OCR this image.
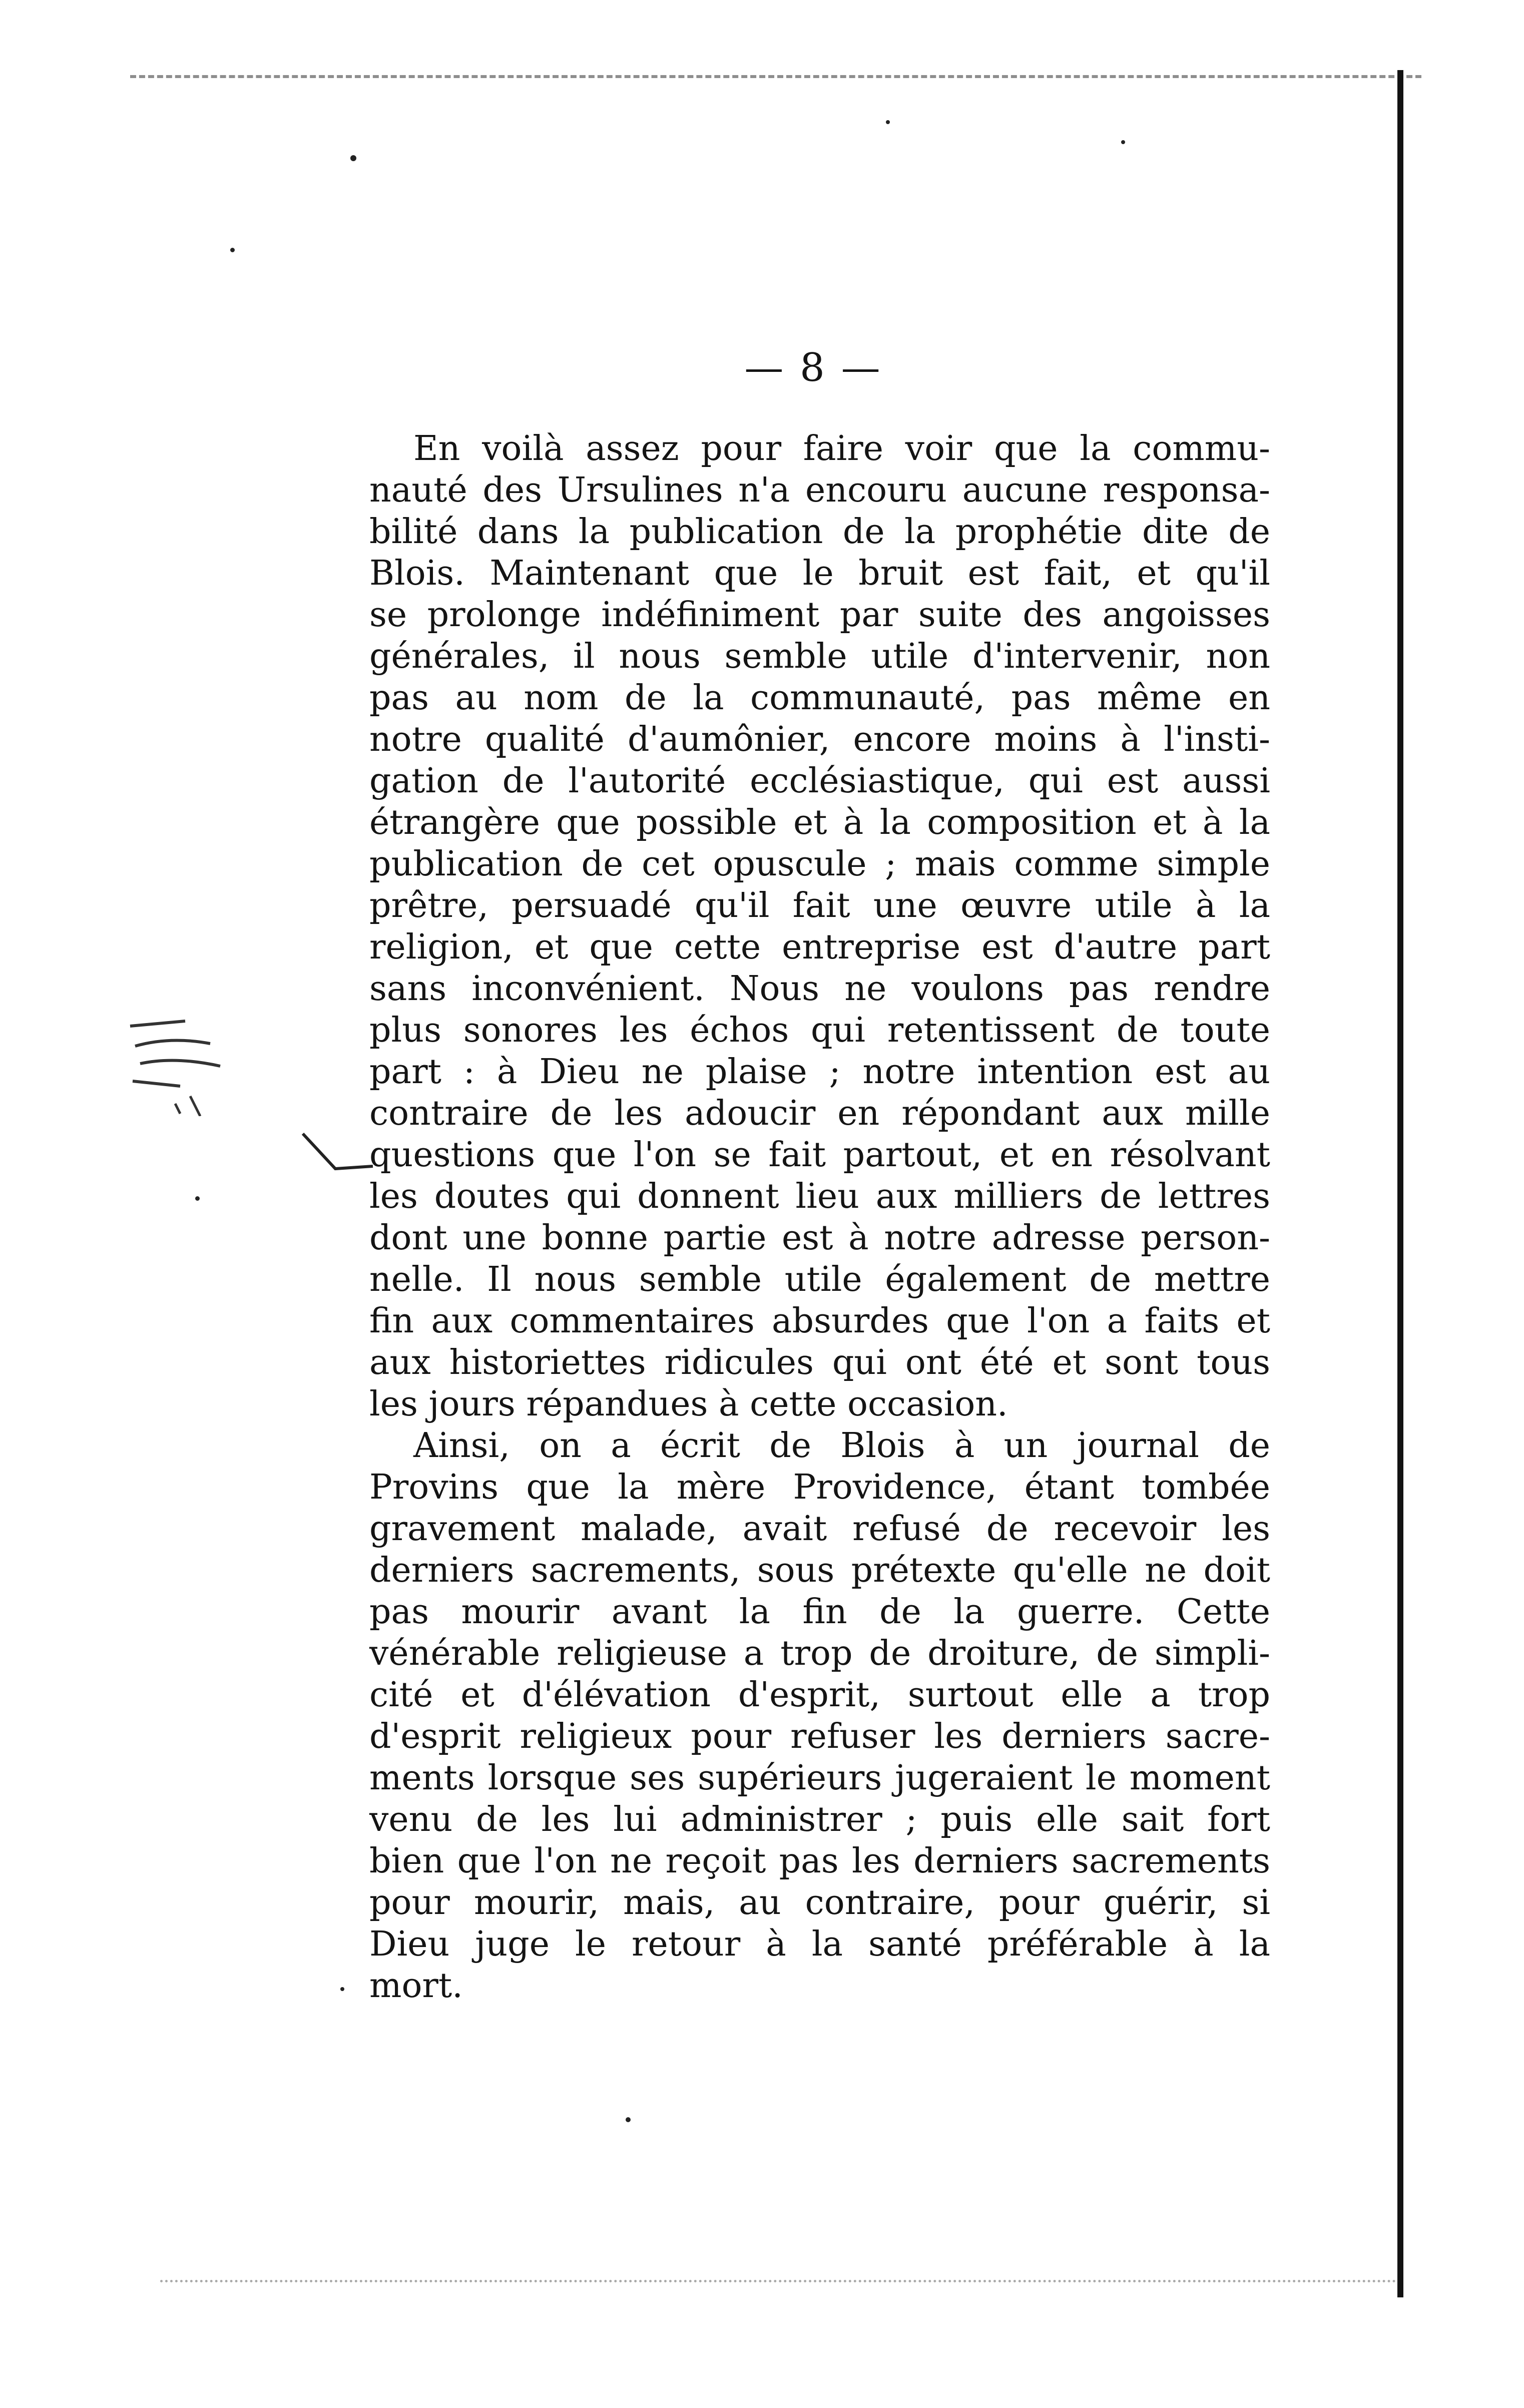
— 8 —
En voilà assez pour faire voir que la commu-
nauté des Ursulines n'a encouru aucune responsa-
bilité dans la publication de la prophétie dite de
Blois. Maintenant que le bruit est fait, et qu'il
se prolonge indéfiniment par suite des angoisses
générales, il nous semble utile d'intervenir, non
pas au nom de la communauté, pas même en
notre qualité d'aumônier, encore moins à l'insti-
gation de l'autorité ecclésiastique, qui est aussi
étrangère que possible et à la composition et à la
publication de cet opuscule ; mais comme simple
prêtre, persuadé qu'il fait une œuvre utile à la
religion, et que cette entreprise est d'autre part
sans inconvénient. Nous ne voulons pas rendre
plus sonores les échos qui retentissent de toute
part : à Dieu ne plaise ; notre intention est au
contraire de les adoucir en répondant aux mille
questions que l'on se fait partout, et en résolvant
les doutes qui donnent lieu aux milliers de lettres
dont une bonne partie est à notre adresse person-
nelle. Il nous semble utile également de mettre
fin aux commentaires absurdes que l'on a faits et
aux historiettes ridicules qui ont été et sont tous
les jours répandues à cette occasion.
Ainsi, on a écrit de Blois à un journal de
Provins que la mère Providence, étant tombée
gravement malade, avait refusé de recevoir les
derniers sacrements, sous prétexte qu'elle ne doit
pas mourir avant la fin de la guerre. Cette
vénérable religieuse a trop de droiture, de simpli-
cité et d'élévation d'esprit, surtout elle a trop
d'esprit religieux pour refuser les derniers sacre-
ments lorsque ses supérieurs jugeraient le moment
venu de les lui administrer ; puis elle sait fort
bien que l'on ne reçoit pas les derniers sacrements
pour mourir, mais, au contraire, pour guérir, si
Dieu juge le retour à la santé préférable à la
mort.
